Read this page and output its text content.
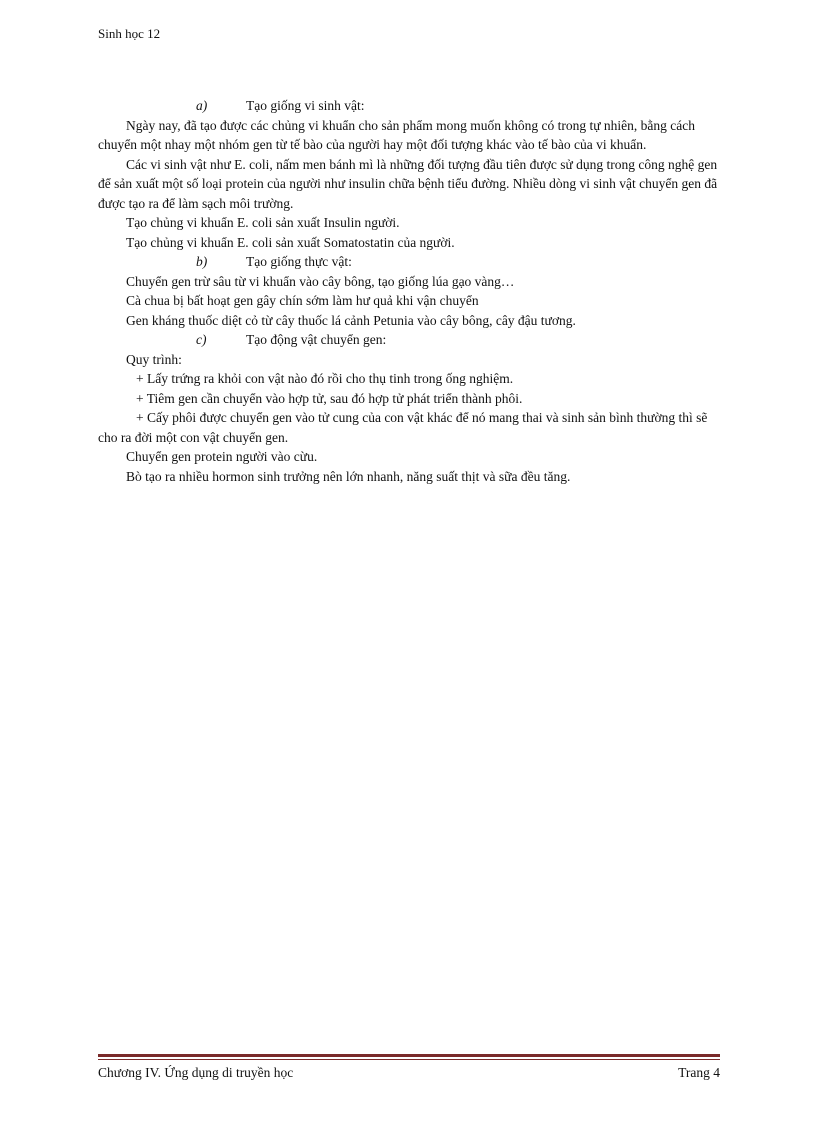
Sinh học 12

a)	Tạo giống vi sinh vật:

Ngày nay, đã tạo được các chủng vi khuẩn cho sản phẩm mong muốn không có trong tự nhiên, bằng cách chuyển một nhay một nhóm gen từ tế bào của người hay một đối tượng khác vào tế bào của vi khuẩn.

Các vi sinh vật như E. coli, nấm men bánh mì là những đối tượng đầu tiên được sử dụng trong công nghệ gen để sản xuất một số loại protein của người như insulin chữa bệnh tiểu đường. Nhiều dòng vi sinh vật chuyển gen đã được tạo ra để làm sạch môi trường.

Tạo chủng vi khuẩn E. coli sản xuất Insulin người.

Tạo chủng vi khuẩn E. coli sản xuất Somatostatin của người.

b)	Tạo giống thực vật:

Chuyển gen trừ sâu từ vi khuẩn vào cây bông, tạo giống lúa gạo vàng…

Cà chua bị bất hoạt gen gây chín sớm làm hư quả khi vận chuyển

Gen kháng thuốc diệt cỏ từ cây thuốc lá cảnh Petunia vào cây bông, cây đậu tương.

c)	Tạo động vật chuyển gen:

Quy trình:

+ Lấy trứng ra khỏi con vật nào đó rồi cho thụ tinh trong ống nghiệm.

+ Tiêm gen cần chuyển vào hợp tử, sau đó hợp tử phát triển thành phôi.

+ Cấy phôi được chuyển gen vào tử cung của con vật khác để nó mang thai và sinh sản bình thường thì sẽ cho ra đời một con vật chuyển gen.

Chuyển gen protein người vào cừu.

Bò tạo ra nhiều hormon sinh trưởng nên lớn nhanh, năng suất thịt và sữa đều tăng.

Chương IV. Ứng dụng di truyền học	Trang 4
